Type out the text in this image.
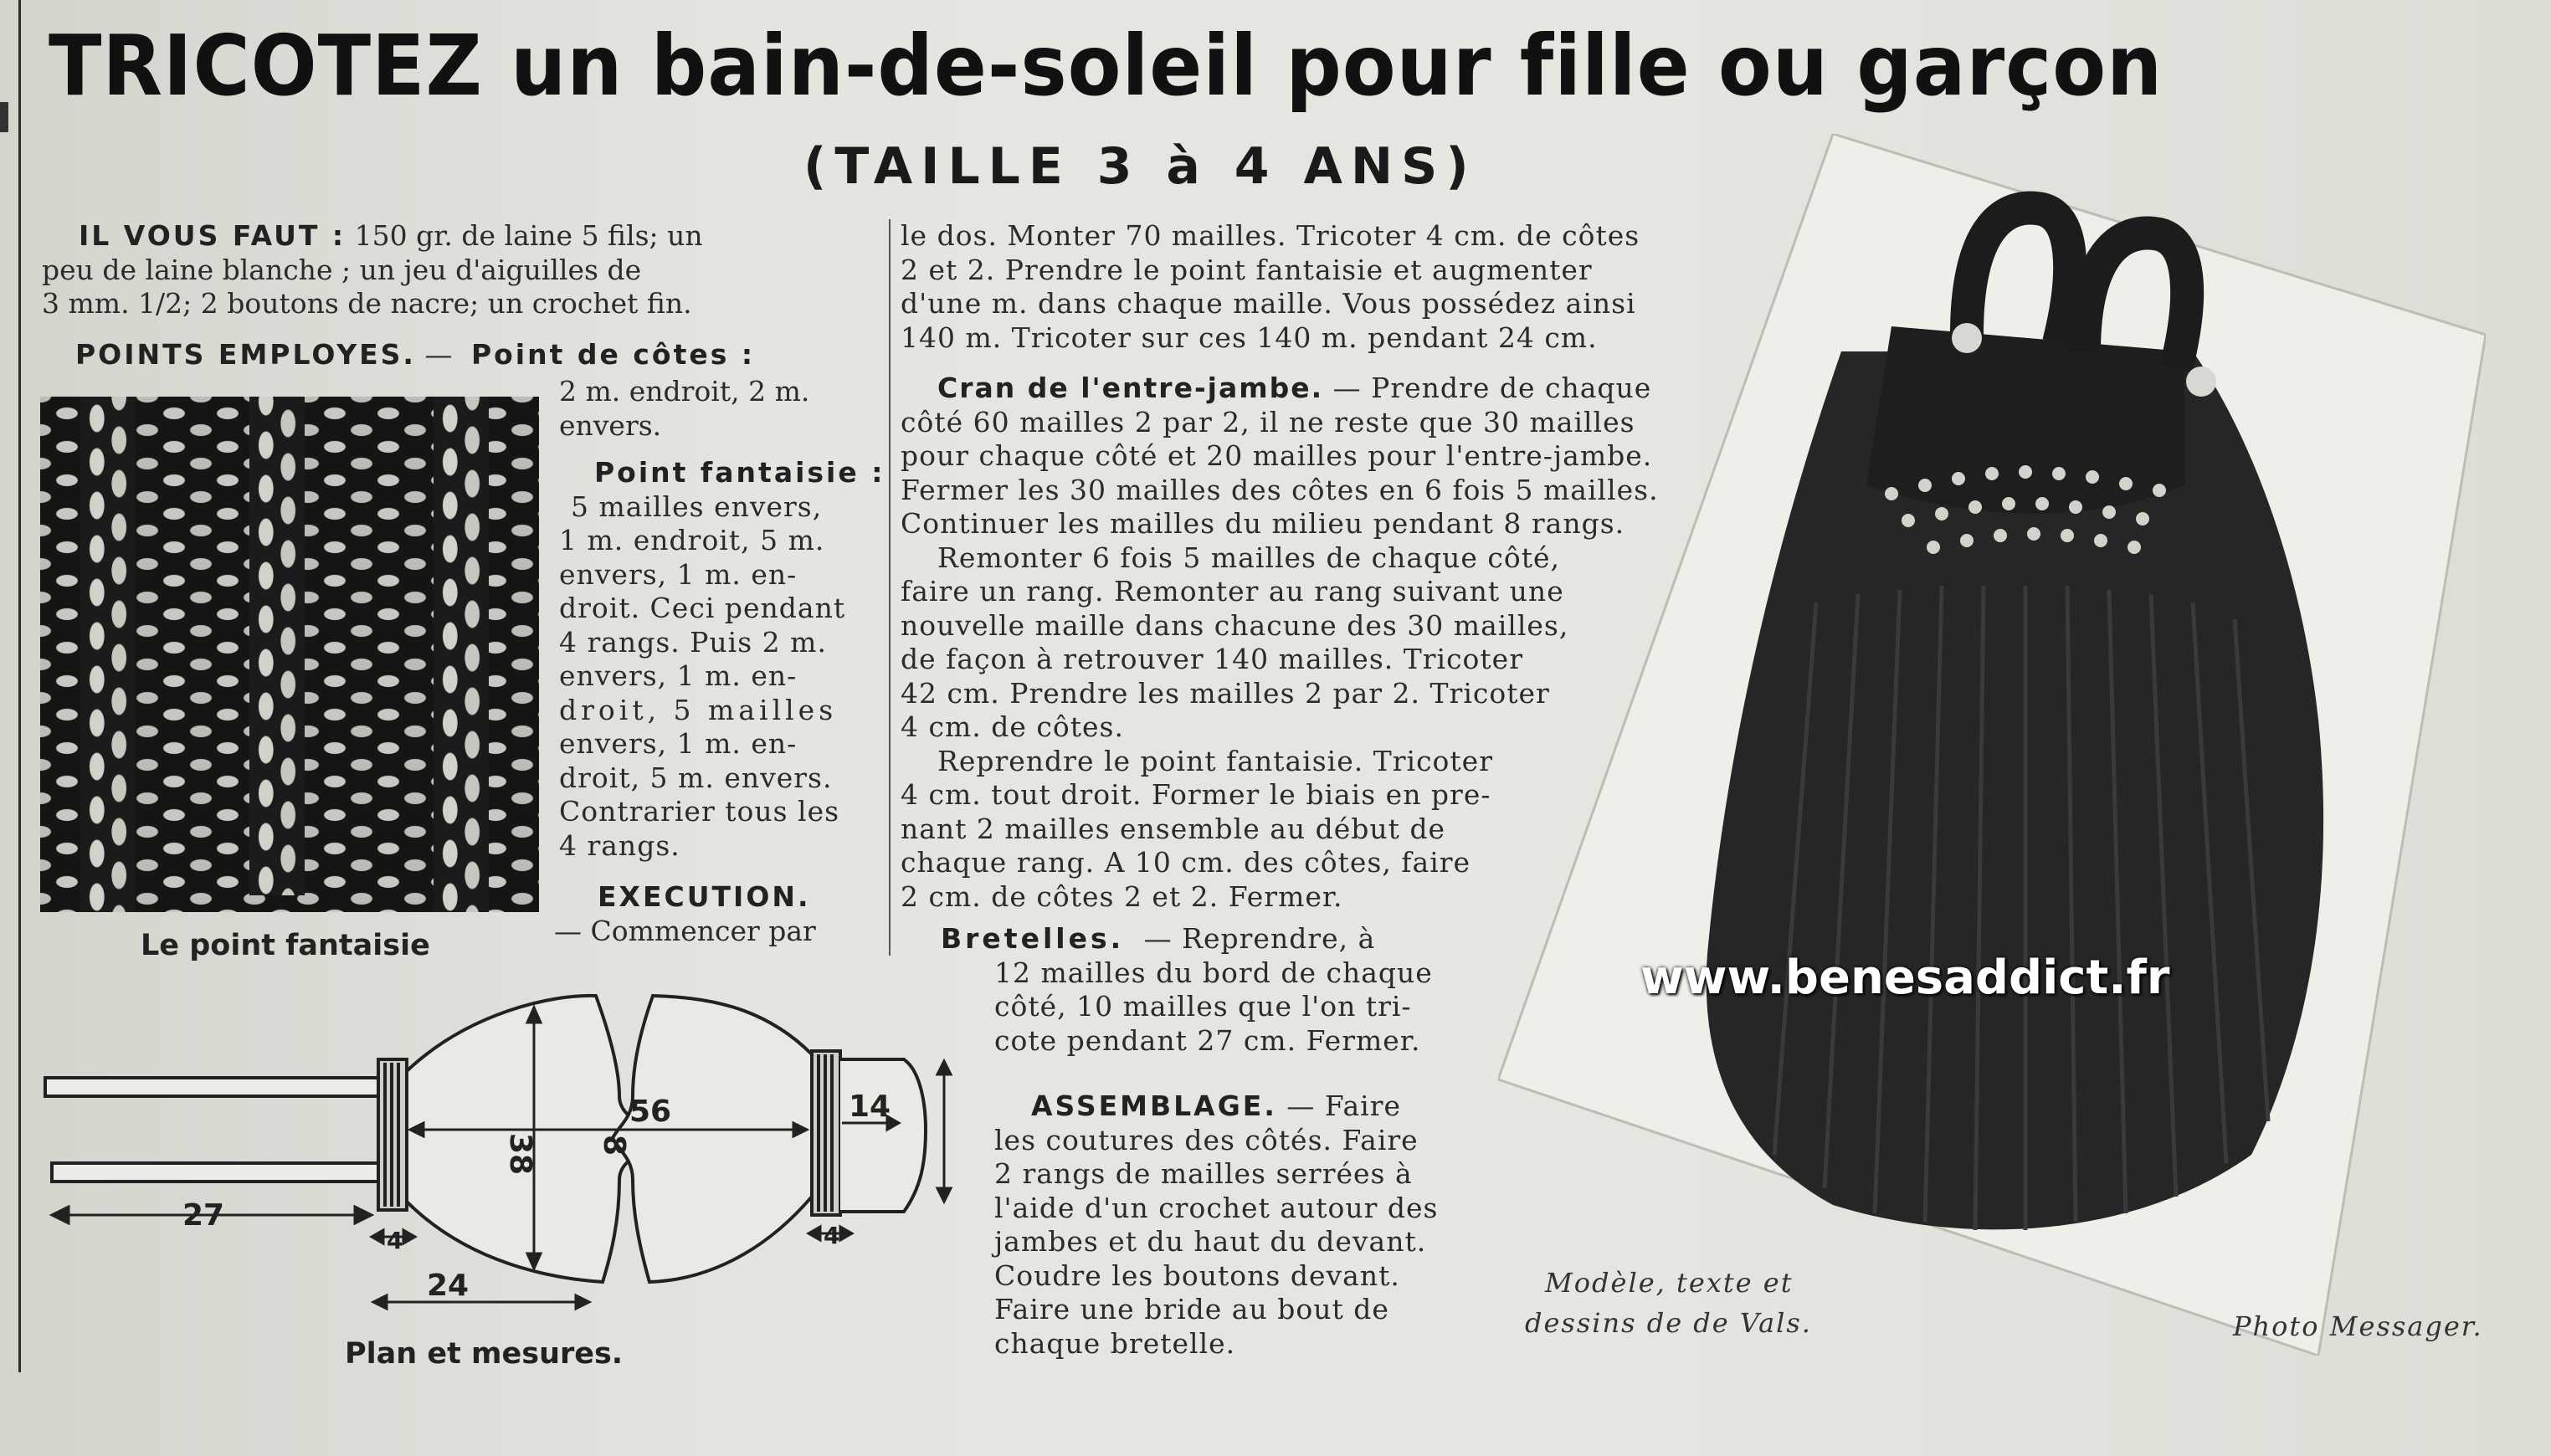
TRICOTEZ un bain-de-soleil pour fille ou garçon
(TAILLE 3 à 4 ANS)
IL VOUS FAUT : 150 gr. de laine 5 fils; un
peu de laine blanche ; un jeu d'aiguilles de
3 mm. 1/2; 2 boutons de nacre; un crochet fin.
POINTS EMPLOYES. — Point de côtes :
2 m. endroit, 2 m.
envers.
Point fantaisie :
5 mailles envers,
1 m. endroit, 5 m.
envers, 1 m. en-
droit. Ceci pendant
4 rangs. Puis 2 m.
envers, 1 m. en-
droit, 5 mailles
envers, 1 m. en-
droit, 5 m. envers.
Contrarier tous les
4 rangs.
EXECUTION.
— Commencer par
Le point fantaisie
27
4
38 8
56	14
4
24
Plan et mesures.
le dos. Monter 70 mailles. Tricoter 4 cm. de côtes
2 et 2. Prendre le point fantaisie et augmenter
d'une m. dans chaque maille. Vous possédez ainsi
140 m. Tricoter sur ces 140 m. pendant 24 cm.
Cran de l'entre-jambe. — Prendre de chaque
côté 60 mailles 2 par 2, il ne reste que 30 mailles
pour chaque côté et 20 mailles pour l'entre-jambe.
Fermer les 30 mailles des côtes en 6 fois 5 mailles.
Continuer les mailles du milieu pendant 8 rangs.
Remonter 6 fois 5 mailles de chaque côté,
faire un rang. Remonter au rang suivant une
nouvelle maille dans chacune des 30 mailles,
de façon à retrouver 140 mailles. Tricoter
42 cm. Prendre les mailles 2 par 2. Tricoter
4 cm. de côtes.
Reprendre le point fantaisie. Tricoter
4 cm. tout droit. Former le biais en pre-
nant 2 mailles ensemble au début de
chaque rang. A 10 cm. des côtes, faire
2 cm. de côtes 2 et 2. Fermer.
Bretelles. — Reprendre, à
12 mailles du bord de chaque
côté, 10 mailles que l'on tri-
cote pendant 27 cm. Fermer.
ASSEMBLAGE. — Faire
les coutures des côtés. Faire
2 rangs de mailles serrées à
l'aide d'un crochet autour des
jambes et du haut du devant.
Coudre les boutons devant.
Faire une bride au bout de
chaque bretelle.
www.benesaddict.fr
Modèle, texte et
dessins de de Vals.	Photo Messager.
